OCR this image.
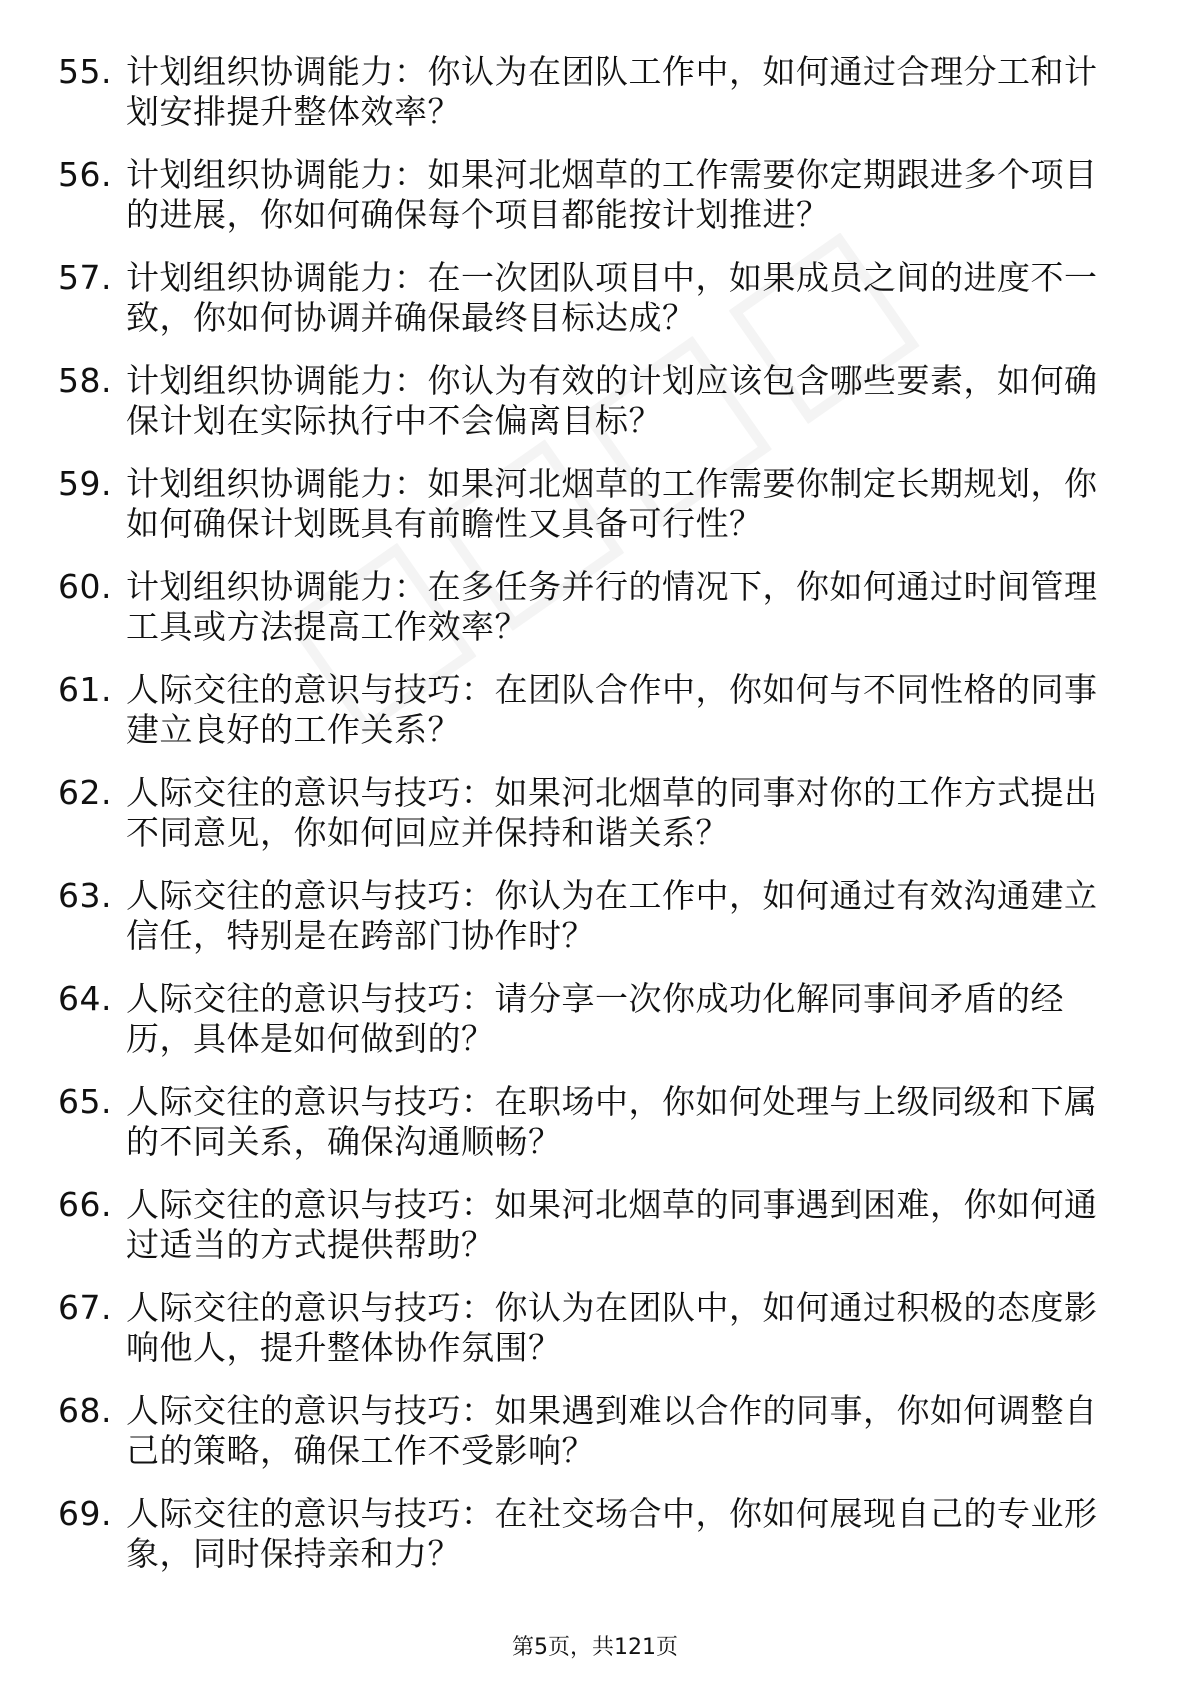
55. 计划组织协调能力：你认为在团队工作中，如何通过合理分工和计划安排提升整体效率？
56. 计划组织协调能力：如果河北烟草的工作需要你定期跟进多个项目的进展，你如何确保每个项目都能按计划推进？
57. 计划组织协调能力：在一次团队项目中，如果成员之间的进度不一致，你如何协调并确保最终目标达成？
58. 计划组织协调能力：你认为有效的计划应该包含哪些要素，如何确保计划在实际执行中不会偏离目标？
59. 计划组织协调能力：如果河北烟草的工作需要你制定长期规划，你如何确保计划既具有前瞻性又具备可行性？
60. 计划组织协调能力：在多任务并行的情况下，你如何通过时间管理工具或方法提高工作效率？
61. 人际交往的意识与技巧：在团队合作中，你如何与不同性格的同事建立良好的工作关系？
62. 人际交往的意识与技巧：如果河北烟草的同事对你的工作方式提出不同意见，你如何回应并保持和谐关系？
63. 人际交往的意识与技巧：你认为在工作中，如何通过有效沟通建立信任，特别是在跨部门协作时？
64. 人际交往的意识与技巧：请分享一次你成功化解同事间矛盾的经历，具体是如何做到的？
65. 人际交往的意识与技巧：在职场中，你如何处理与上级同级和下属的不同关系，确保沟通顺畅？
66. 人际交往的意识与技巧：如果河北烟草的同事遇到困难，你如何通过适当的方式提供帮助？
67. 人际交往的意识与技巧：你认为在团队中，如何通过积极的态度影响他人，提升整体协作氛围？
68. 人际交往的意识与技巧：如果遇到难以合作的同事，你如何调整自己的策略，确保工作不受影响？
69. 人际交往的意识与技巧：在社交场合中，你如何展现自己的专业形象，同时保持亲和力？
第5页，共121页
